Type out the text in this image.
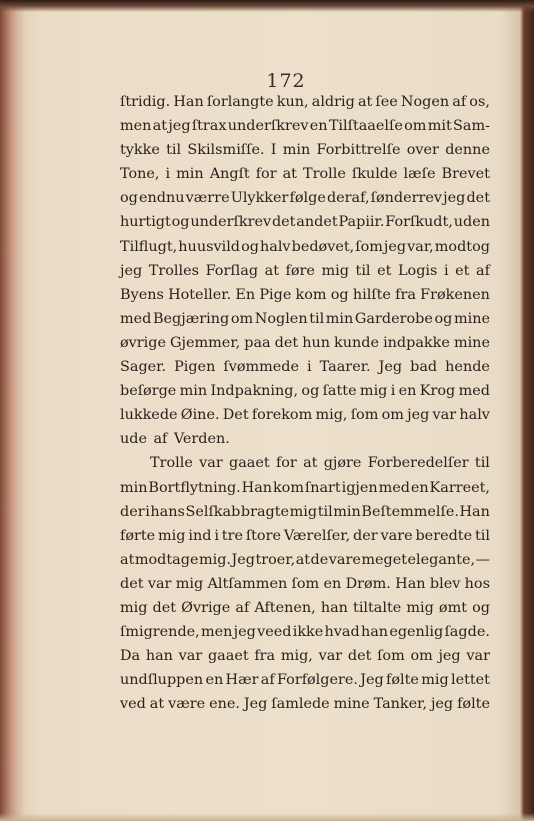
172
ſtridig. Han ſorlangte kun, aldrig at ſee Nogen af os,
men at jeg ſtrax underſkrev en Tilſtaaelſe om mit Sam-
tykke til Skilsmiſſe. I min Forbittrelſe over denne
Tone, i min Angſt for at Trolle ſkulde læſe Brevet
og endnu værre Ulykker følge deraf, ſønderrev jeg det
hurtigt og underſkrev det andet Papiir. Forſkudt, uden
Tilflugt, huusvild og halv bedøvet, ſom jeg var, modtog
jeg Trolles Forſlag at føre mig til et Logis i et af
Byens Hoteller. En Pige kom og hilſte fra Frøkenen
med Begjæring om Noglen til min Garderobe og mine
øvrige Gjemmer, paa det hun kunde indpakke mine
Sager. Pigen ſvømmede i Taarer. Jeg bad hende
beſørge min Indpakning, og ſatte mig i en Krog med
lukkede Øine. Det forekom mig, ſom om jeg var halv
ude af Verden.
Trolle var gaaet for at gjøre Forberedelſer til
min Bortflytning. Han kom ſnart igjen med en Karreet,
der i hans Selſkab bragte mig til min Beſtemmelſe. Han
førte mig ind i tre ſtore Værelſer, der vare beredte til
at modtage mig. Jeg troer, at de vare meget elegante, —
det var mig Altſammen ſom en Drøm. Han blev hos
mig det Øvrige af Aftenen, han tiltalte mig ømt og
ſmigrende, men jeg veed ikke hvad han egenlig ſagde.
Da han var gaaet fra mig, var det ſom om jeg var
undſluppen en Hær af Forfølgere. Jeg følte mig lettet
ved at være ene. Jeg ſamlede mine Tanker, jeg følte
